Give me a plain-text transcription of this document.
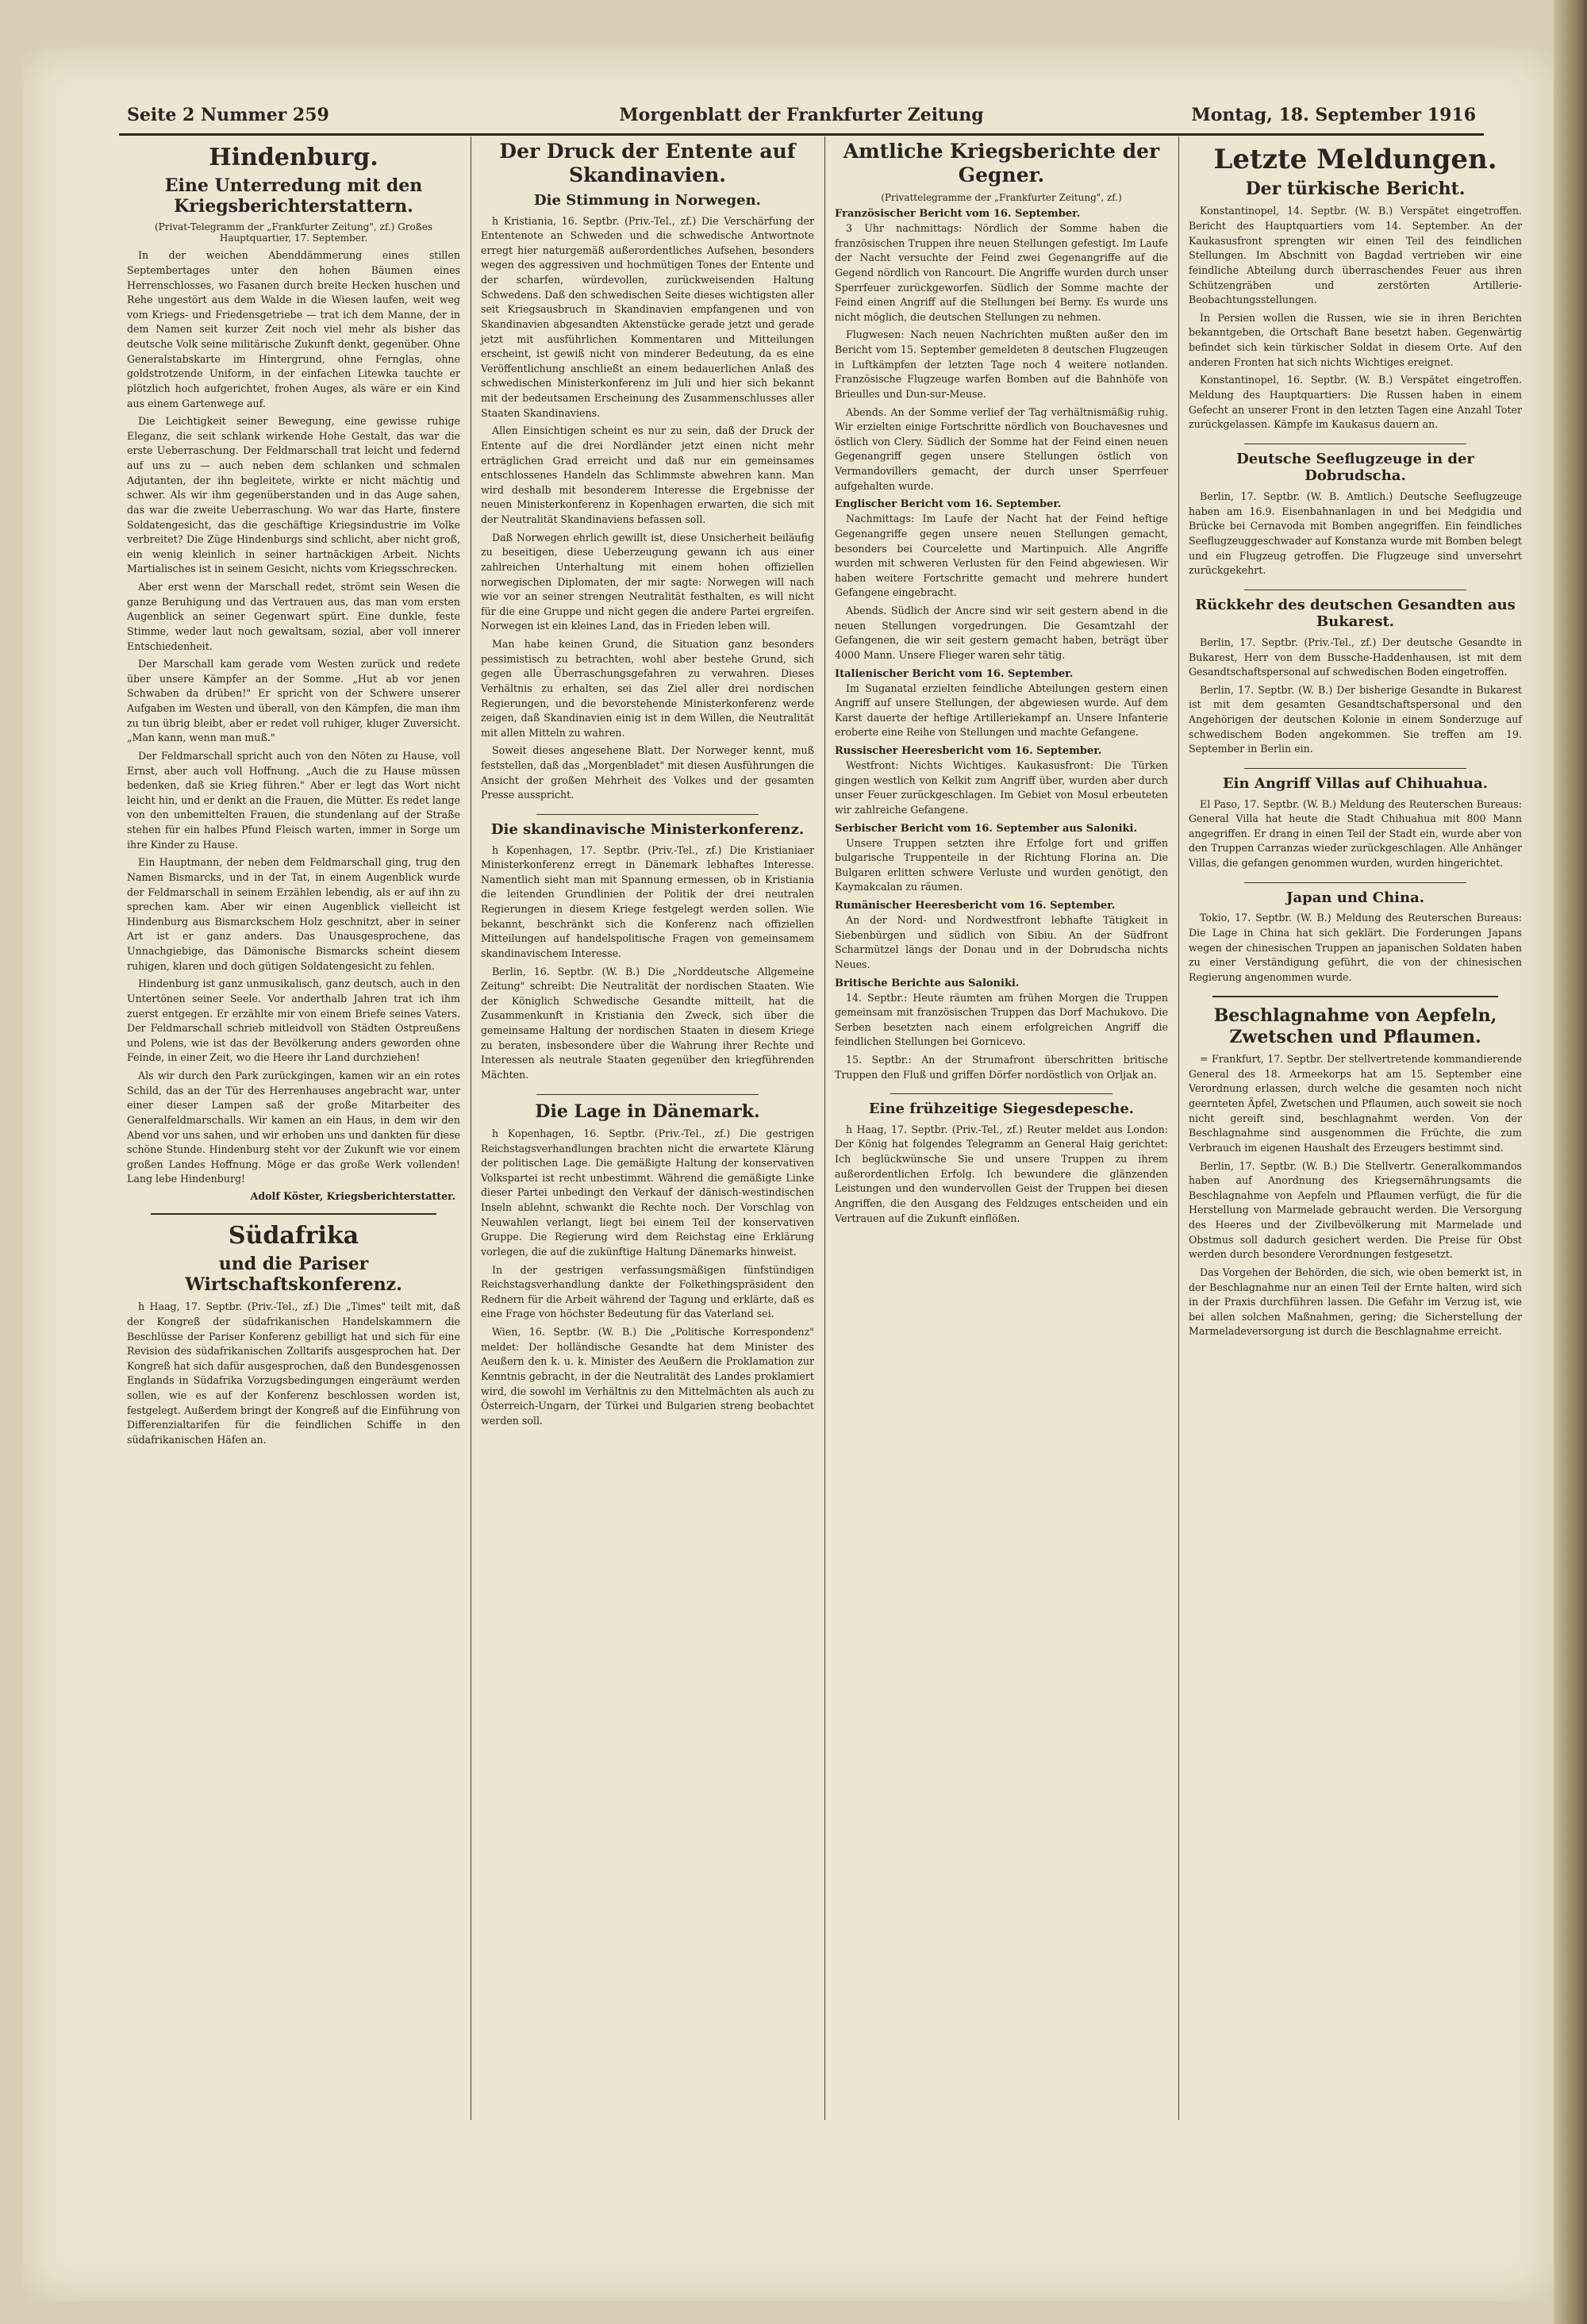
Seite 2 Nummer 259	Morgenblatt der Frankfurter Zeitung	Montag, 18. September 1916
Hindenburg.
Eine Unterredung mit den Kriegsberichterstattern.
(Privat-Telegramm der „Frankfurter Zeitung", zf.) Großes Hauptquartier, 17. September.

In der weichen Abenddämmerung eines stillen Septembertages unter den hohen Bäumen eines Herrenschlosses, wo Fasanen durch breite Hecken huschen und Rehe ungestört aus dem Walde in die Wiesen laufen, weit weg vom Kriegs- und Friedensgetriebe — trat ich dem Manne, der in dem Namen seit kurzer Zeit noch viel mehr als bisher das deutsche Volk seine militärische Zukunft denkt, gegenüber. Ohne Generalstabskarte im Hintergrund, ohne Fernglas, ohne goldstrotzende Uniform, in der einfachen Litewka tauchte er plötzlich hoch aufgerichtet, frohen Auges, als wäre er ein Kind aus einem Gartenwege auf.

Die Leichtigkeit seiner Bewegung, eine gewisse ruhige Eleganz, die seit schlank wirkende Hohe Gestalt, das war die erste Ueberraschung. Der Feldmarschall trat leicht und federnd auf uns zu — auch neben dem schlanken und schmalen Adjutanten, der ihn begleitete, wirkte er nicht mächtig und schwer. Als wir ihm gegenüberstanden und in das Auge sahen, das war die zweite Ueberraschung. Wo war das Harte, finstere Soldatengesicht, das die geschäftige Kriegsindustrie im Volke verbreitet? Die Züge Hindenburgs sind schlicht, aber nicht groß, ein wenig kleinlich in seiner hartnäckigen Arbeit. Nichts Martialisches ist in seinem Gesicht, nichts vom Kriegsschrecken.

Aber erst wenn der Marschall redet, strömt sein Wesen die ganze Beruhigung und das Vertrauen aus, das man vom ersten Augenblick an seiner Gegenwart spürt. Eine dunkle, feste Stimme, weder laut noch gewaltsam, sozial, aber voll innerer Entschiedenheit.

Der Marschall kam gerade vom Westen zurück und redete über unsere Kämpfer an der Somme. „Hut ab vor jenen Schwaben da drüben!" Er spricht von der Schwere unserer Aufgaben im Westen und überall, von den Kämpfen, die man ihm zu tun übrig bleibt, aber er redet voll ruhiger, kluger Zuversicht. „Man kann, wenn man muß."

Der Feldmarschall spricht auch von den Nöten zu Hause, voll Ernst, aber auch voll Hoffnung. „Auch die zu Hause müssen bedenken, daß sie Krieg führen." Aber er legt das Wort nicht leicht hin, und er denkt an die Frauen, die Mütter. Es redet lange von den unbemittelten Frauen, die stundenlang auf der Straße stehen für ein halbes Pfund Fleisch warten, immer in Sorge um ihre Kinder zu Hause.

Ein Hauptmann, der neben dem Feldmarschall ging, trug den Namen Bismarcks, und in der Tat, in einem Augenblick wurde der Feldmarschall in seinem Erzählen lebendig, als er auf ihn zu sprechen kam. Aber wir einen Augenblick vielleicht ist Hindenburg aus Bismarckschem Holz geschnitzt, aber in seiner Art ist er ganz anders. Das Unausgesprochene, das Unnachgiebige, das Dämonische Bismarcks scheint diesem ruhigen, klaren und doch gütigen Soldatengesicht zu fehlen.

Hindenburg ist ganz unmusikalisch, ganz deutsch, auch in den Untertönen seiner Seele. Vor anderthalb Jahren trat ich ihm zuerst entgegen. Er erzählte mir von einem Briefe seines Vaters. Der Feldmarschall schrieb mitleidvoll von Städten Ostpreußens und Polens, wie ist das der Bevölkerung anders geworden ohne Feinde, in einer Zeit, wo die Heere ihr Land durchziehen!

Als wir durch den Park zurückgingen, kamen wir an ein rotes Schild, das an der Tür des Herrenhauses angebracht war, unter einer dieser Lampen saß der große Mitarbeiter des Generalfeldmarschalls. Wir kamen an ein Haus, in dem wir den Abend vor uns sahen, und wir erhoben uns und dankten für diese schöne Stunde. Hindenburg steht vor der Zukunft wie vor einem großen Landes Hoffnung. Möge er das große Werk vollenden! Lang lebe Hindenburg!

Adolf Köster, Kriegsberichterstatter.
Südafrika
und die Pariser Wirtschaftskonferenz.

h Haag, 17. Septbr. (Priv.-Tel., zf.) Die „Times" teilt mit, daß der Kongreß der südafrikanischen Handelskammern die Beschlüsse der Pariser Konferenz gebilligt hat und sich für eine Revision des südafrikanischen Zolltarifs ausgesprochen hat. Der Kongreß hat sich dafür ausgesprochen, daß den Bundesgenossen Englands in Südafrika Vorzugsbedingungen eingeräumt werden sollen, wie es auf der Konferenz beschlossen worden ist, festgelegt. Außerdem bringt der Kongreß auf die Einführung von Differenzialtarifen für die feindlichen Schiffe in den südafrikanischen Häfen an.

Der Druck der Entente auf Skandinavien.
Die Stimmung in Norwegen.

h Kristiania, 16. Septbr. (Priv.-Tel., zf.) Die Verschärfung der Ententenote an Schweden und die schwedische Antwortnote erregt hier naturgemäß außerordentliches Aufsehen, besonders wegen des aggressiven und hochmütigen Tones der Entente und der scharfen, würdevollen, zurückweisenden Haltung Schwedens. Daß den schwedischen Seite dieses wichtigsten aller seit Kriegsausbruch in Skandinavien empfangenen und von Skandinavien abgesandten Aktenstücke gerade jetzt und gerade jetzt mit ausführlichen Kommentaren und Mitteilungen erscheint, ist gewiß nicht von minderer Bedeutung, da es eine Veröffentlichung anschließt an einem bedauerlichen Anlaß des schwedischen Ministerkonferenz im Juli und hier sich bekannt mit der bedeutsamen Erscheinung des Zusammenschlusses aller Staaten Skandinaviens.

Allen Einsichtigen scheint es nur zu sein, daß der Druck der Entente auf die drei Nordländer jetzt einen nicht mehr erträglichen Grad erreicht und daß nur ein gemeinsames entschlossenes Handeln das Schlimmste abwehren kann. Man wird deshalb mit besonderem Interesse die Ergebnisse der neuen Ministerkonferenz in Kopenhagen erwarten, die sich mit der Neutralität Skandinaviens befassen soll.

Daß Norwegen ehrlich gewillt ist, diese Unsicherheit beiläufig zu beseitigen, diese Ueberzeugung gewann ich aus einer zahlreichen Unterhaltung mit einem hohen offiziellen norwegischen Diplomaten, der mir sagte: Norwegen will nach wie vor an seiner strengen Neutralität festhalten, es will nicht für die eine Gruppe und nicht gegen die andere Partei ergreifen. Norwegen ist ein kleines Land, das in Frieden leben will.

Man habe keinen Grund, die Situation ganz besonders pessimistisch zu betrachten, wohl aber bestehe Grund, sich gegen alle Überraschungsgefahren zu verwahren. Dieses Verhältnis zu erhalten, sei das Ziel aller drei nordischen Regierungen, und die bevorstehende Ministerkonferenz werde zeigen, daß Skandinavien einig ist in dem Willen, die Neutralität mit allen Mitteln zu wahren.

Soweit dieses angesehene Blatt. Der Norweger kennt, muß feststellen, daß das „Morgenbladet" mit diesen Ausführungen die Ansicht der großen Mehrheit des Volkes und der gesamten Presse ausspricht.

Die skandinavische Ministerkonferenz.

h Kopenhagen, 17. Septbr. (Priv.-Tel., zf.) Die Kristianiaer Ministerkonferenz erregt in Dänemark lebhaftes Interesse. Namentlich sieht man mit Spannung ermessen, ob in Kristiania die leitenden Grundlinien der Politik der drei neutralen Regierungen in diesem Kriege festgelegt werden sollen. Wie bekannt, beschränkt sich die Konferenz nach offiziellen Mitteilungen auf handelspolitische Fragen von gemeinsamem skandinavischem Interesse.

Berlin, 16. Septbr. (W. B.) Die „Norddeutsche Allgemeine Zeitung" schreibt: Die Neutralität der nordischen Staaten. Wie der Königlich Schwedische Gesandte mitteilt, hat die Zusammenkunft in Kristiania den Zweck, sich über die gemeinsame Haltung der nordischen Staaten in diesem Kriege zu beraten, insbesondere über die Wahrung ihrer Rechte und Interessen als neutrale Staaten gegenüber den kriegführenden Mächten.

Die Lage in Dänemark.

h Kopenhagen, 16. Septbr. (Priv.-Tel., zf.) Die gestrigen Reichstagsverhandlungen brachten nicht die erwartete Klärung der politischen Lage. Die gemäßigte Haltung der konservativen Volkspartei ist recht unbestimmt. Während die gemäßigte Linke dieser Partei unbedingt den Verkauf der dänisch-westindischen Inseln ablehnt, schwankt die Rechte noch. Der Vorschlag von Neuwahlen verlangt, liegt bei einem Teil der konservativen Gruppe. Die Regierung wird dem Reichstag eine Erklärung vorlegen, die auf die zukünftige Haltung Dänemarks hinweist.

In der gestrigen verfassungsmäßigen fünfstündigen Reichstagsverhandlung dankte der Folkethingspräsident den Rednern für die Arbeit während der Tagung und erklärte, daß es eine Frage von höchster Bedeutung für das Vaterland sei.

Wien, 16. Septbr. (W. B.) Die „Politische Korrespondenz" meldet: Der holländische Gesandte hat dem Minister des Aeußern den k. u. k. Minister des Aeußern die Proklamation zur Kenntnis gebracht, in der die Neutralität des Landes proklamiert wird, die sowohl im Verhältnis zu den Mittelmächten als auch zu Österreich-Ungarn, der Türkei und Bulgarien streng beobachtet werden soll.

Amtliche Kriegsberichte der Gegner.
(Privattelegramme der „Frankfurter Zeitung", zf.)
Französischer Bericht vom 16. September.

3 Uhr nachmittags: Nördlich der Somme haben die französischen Truppen ihre neuen Stellungen gefestigt. Im Laufe der Nacht versuchte der Feind zwei Gegenangriffe auf die Gegend nördlich von Rancourt. Die Angriffe wurden durch unser Sperrfeuer zurückgeworfen. Südlich der Somme machte der Feind einen Angriff auf die Stellungen bei Berny. Es wurde uns nicht möglich, die deutschen Stellungen zu nehmen.

Flugwesen: Nach neuen Nachrichten mußten außer den im Bericht vom 15. September gemeldeten 8 deutschen Flugzeugen in Luftkämpfen der letzten Tage noch 4 weitere notlanden. Französische Flugzeuge warfen Bomben auf die Bahnhöfe von Brieulles und Dun-sur-Meuse.

Abends. An der Somme verlief der Tag verhältnismäßig ruhig. Wir erzielten einige Fortschritte nördlich von Bouchavesnes und östlich von Clery. Südlich der Somme hat der Feind einen neuen Gegenangriff gegen unsere Stellungen östlich von Vermandovillers gemacht, der durch unser Sperrfeuer aufgehalten wurde.

Englischer Bericht vom 16. September.

Nachmittags: Im Laufe der Nacht hat der Feind heftige Gegenangriffe gegen unsere neuen Stellungen gemacht, besonders bei Courcelette und Martinpuich. Alle Angriffe wurden mit schweren Verlusten für den Feind abgewiesen. Wir haben weitere Fortschritte gemacht und mehrere hundert Gefangene eingebracht.

Abends. Südlich der Ancre sind wir seit gestern abend in die neuen Stellungen vorgedrungen. Die Gesamtzahl der Gefangenen, die wir seit gestern gemacht haben, beträgt über 4000 Mann. Unsere Flieger waren sehr tätig.

Italienischer Bericht vom 16. September.

Im Suganatal erzielten feindliche Abteilungen gestern einen Angriff auf unsere Stellungen, der abgewiesen wurde. Auf dem Karst dauerte der heftige Artilleriekampf an. Unsere Infanterie eroberte eine Reihe von Stellungen und machte Gefangene.

Russischer Heeresbericht vom 16. September.

Westfront: Nichts Wichtiges. Kaukasusfront: Die Türken gingen westlich von Kelkit zum Angriff über, wurden aber durch unser Feuer zurückgeschlagen. Im Gebiet von Mosul erbeuteten wir zahlreiche Gefangene.

Serbischer Bericht vom 16. September aus Saloniki.

Unsere Truppen setzten ihre Erfolge fort und griffen bulgarische Truppenteile in der Richtung Florina an. Die Bulgaren erlitten schwere Verluste und wurden genötigt, den Kaymakcalan zu räumen.

Rumänischer Heeresbericht vom 16. September.

An der Nord- und Nordwestfront lebhafte Tätigkeit in Siebenbürgen und südlich von Sibiu. An der Südfront Scharmützel längs der Donau und in der Dobrudscha nichts Neues.

Britische Berichte aus Saloniki.

14. Septbr.: Heute räumten am frühen Morgen die Truppen gemeinsam mit französischen Truppen das Dorf Machukovo. Die Serben besetzten nach einem erfolgreichen Angriff die feindlichen Stellungen bei Gornicevo.

15. Septbr.: An der Strumafront überschritten britische Truppen den Fluß und griffen Dörfer nordöstlich von Orljak an.

Eine frühzeitige Siegesdepesche.

h Haag, 17. Septbr. (Priv.-Tel., zf.) Reuter meldet aus London: Der König hat folgendes Telegramm an General Haig gerichtet: Ich beglückwünsche Sie und unsere Truppen zu ihrem außerordentlichen Erfolg. Ich bewundere die glänzenden Leistungen und den wundervollen Geist der Truppen bei diesen Angriffen, die den Ausgang des Feldzuges entscheiden und ein Vertrauen auf die Zukunft einflößen.

Letzte Meldungen.
Der türkische Bericht.

Konstantinopel, 14. Septbr. (W. B.) Verspätet eingetroffen. Bericht des Hauptquartiers vom 14. September. An der Kaukasusfront sprengten wir einen Teil des feindlichen Stellungen. Im Abschnitt von Bagdad vertrieben wir eine feindliche Abteilung durch überraschendes Feuer aus ihren Schützengräben und zerstörten Artillerie-Beobachtungsstellungen.

In Persien wollen die Russen, wie sie in ihren Berichten bekanntgeben, die Ortschaft Bane besetzt haben. Gegenwärtig befindet sich kein türkischer Soldat in diesem Orte. Auf den anderen Fronten hat sich nichts Wichtiges ereignet.

Konstantinopel, 16. Septbr. (W. B.) Verspätet eingetroffen. Meldung des Hauptquartiers: Die Russen haben in einem Gefecht an unserer Front in den letzten Tagen eine Anzahl Toter zurückgelassen. Kämpfe im Kaukasus dauern an.

Deutsche Seeflugzeuge in der Dobrudscha.

Berlin, 17. Septbr. (W. B. Amtlich.) Deutsche Seeflugzeuge haben am 16.9. Eisenbahnanlagen in und bei Medgidia und Brücke bei Cernavoda mit Bomben angegriffen. Ein feindliches Seeflugzeuggeschwader auf Konstanza wurde mit Bomben belegt und ein Flugzeug getroffen. Die Flugzeuge sind unversehrt zurückgekehrt.

Rückkehr des deutschen Gesandten aus Bukarest.

Berlin, 17. Septbr. (Priv.-Tel., zf.) Der deutsche Gesandte in Bukarest, Herr von dem Bussche-Haddenhausen, ist mit dem Gesandtschaftspersonal auf schwedischen Boden eingetroffen.

Berlin, 17. Septbr. (W. B.) Der bisherige Gesandte in Bukarest ist mit dem gesamten Gesandtschaftspersonal und den Angehörigen der deutschen Kolonie in einem Sonderzuge auf schwedischem Boden angekommen. Sie treffen am 19. September in Berlin ein.

Ein Angriff Villas auf Chihuahua.

El Paso, 17. Septbr. (W. B.) Meldung des Reuterschen Bureaus: General Villa hat heute die Stadt Chihuahua mit 800 Mann angegriffen. Er drang in einen Teil der Stadt ein, wurde aber von den Truppen Carranzas wieder zurückgeschlagen. Alle Anhänger Villas, die gefangen genommen wurden, wurden hingerichtet.

Japan und China.

Tokio, 17. Septbr. (W. B.) Meldung des Reuterschen Bureaus: Die Lage in China hat sich geklärt. Die Forderungen Japans wegen der chinesischen Truppen an japanischen Soldaten haben zu einer Verständigung geführt, die von der chinesischen Regierung angenommen wurde.

Beschlagnahme von Aepfeln, Zwetschen und Pflaumen.

= Frankfurt, 17. Septbr. Der stellvertretende kommandierende General des 18. Armeekorps hat am 15. September eine Verordnung erlassen, durch welche die gesamten noch nicht geernteten Äpfel, Zwetschen und Pflaumen, auch soweit sie noch nicht gereift sind, beschlagnahmt werden. Von der Beschlagnahme sind ausgenommen die Früchte, die zum Verbrauch im eigenen Haushalt des Erzeugers bestimmt sind.

Berlin, 17. Septbr. (W. B.) Die Stellvertr. Generalkommandos haben auf Anordnung des Kriegsernährungsamts die Beschlagnahme von Aepfeln und Pflaumen verfügt, die für die Herstellung von Marmelade gebraucht werden. Die Versorgung des Heeres und der Zivilbevölkerung mit Marmelade und Obstmus soll dadurch gesichert werden. Die Preise für Obst werden durch besondere Verordnungen festgesetzt.

Das Vorgehen der Behörden, die sich, wie oben bemerkt ist, in der Beschlagnahme nur an einen Teil der Ernte halten, wird sich in der Praxis durchführen lassen. Die Gefahr im Verzug ist, wie bei allen solchen Maßnahmen, gering; die Sicherstellung der Marmeladeversorgung ist durch die Beschlagnahme erreicht.
